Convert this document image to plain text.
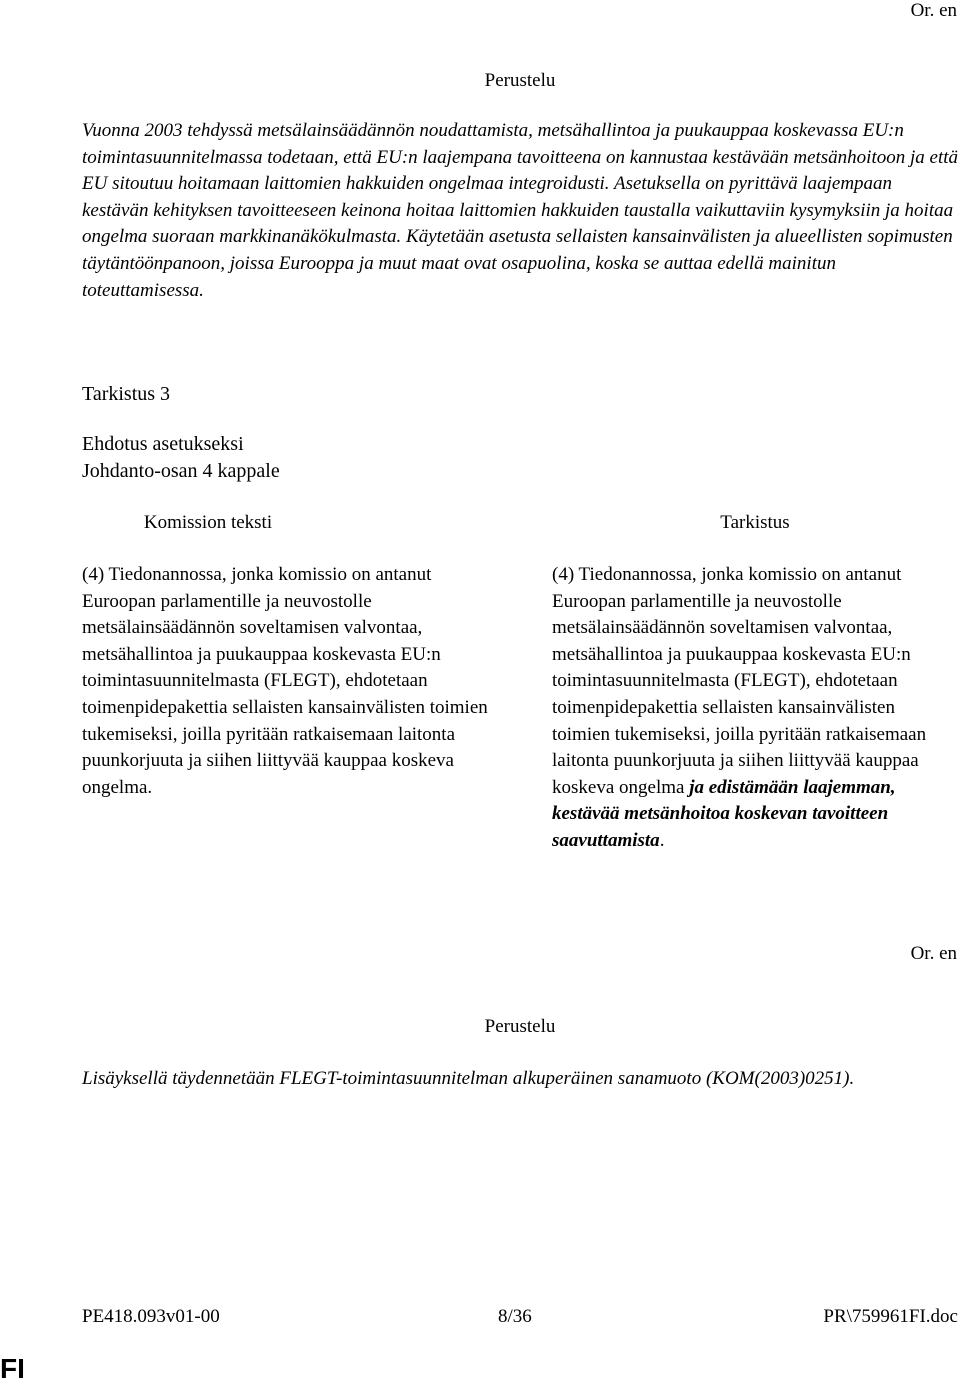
Or. en
Perustelu

Vuonna 2003 tehdyssä metsälainsäädännön noudattamista, metsähallintoa ja puukauppaa koskevassa EU:n toimintasuunnitelmassa todetaan, että EU:n laajempana tavoitteena on kannustaa kestävään metsänhoitoon ja että EU sitoutuu hoitamaan laittomien hakkuiden ongelmaa integroidusti. Asetuksella on pyrittävä laajempaan kestävän kehityksen tavoitteeseen keinona hoitaa laittomien hakkuiden taustalla vaikuttaviin kysymyksiin ja hoitaa ongelma suoraan markkinanäkökulmasta. Käytetään asetusta sellaisten kansainvälisten ja alueellisten sopimusten täytäntöönpanoon, joissa Eurooppa ja muut maat ovat osapuolina, koska se auttaa edellä mainitun toteuttamisessa.

Tarkistus 3
Ehdotus asetukseksi
Johdanto-osan 4 kappale
Komission teksti	Tarkistus

(4) Tiedonannossa, jonka komissio on antanut Euroopan parlamentille ja neuvostolle metsälainsäädännön soveltamisen valvontaa, metsähallintoa ja puukauppaa koskevasta EU:n toimintasuunnitelmasta (FLEGT), ehdotetaan toimenpidepakettia sellaisten kansainvälisten toimien tukemiseksi, joilla pyritään ratkaisemaan laitonta puunkorjuuta ja siihen liittyvää kauppaa koskeva ongelma.

(4) Tiedonannossa, jonka komissio on antanut Euroopan parlamentille ja neuvostolle metsälainsäädännön soveltamisen valvontaa, metsähallintoa ja puukauppaa koskevasta EU:n toimintasuunnitelmasta (FLEGT), ehdotetaan toimenpidepakettia sellaisten kansainvälisten toimien tukemiseksi, joilla pyritään ratkaisemaan laitonta puunkorjuuta ja siihen liittyvää kauppaa koskeva ongelma ja edistämään laajemman, kestävää metsänhoitoa koskevan tavoitteen saavuttamista.

Or. en
Perustelu

Lisäyksellä täydennetään FLEGT-toimintasuunnitelman alkuperäinen sanamuoto (KOM(2003)0251).

PE418.093v01-00	8/36	PR\759961FI.doc
FI
